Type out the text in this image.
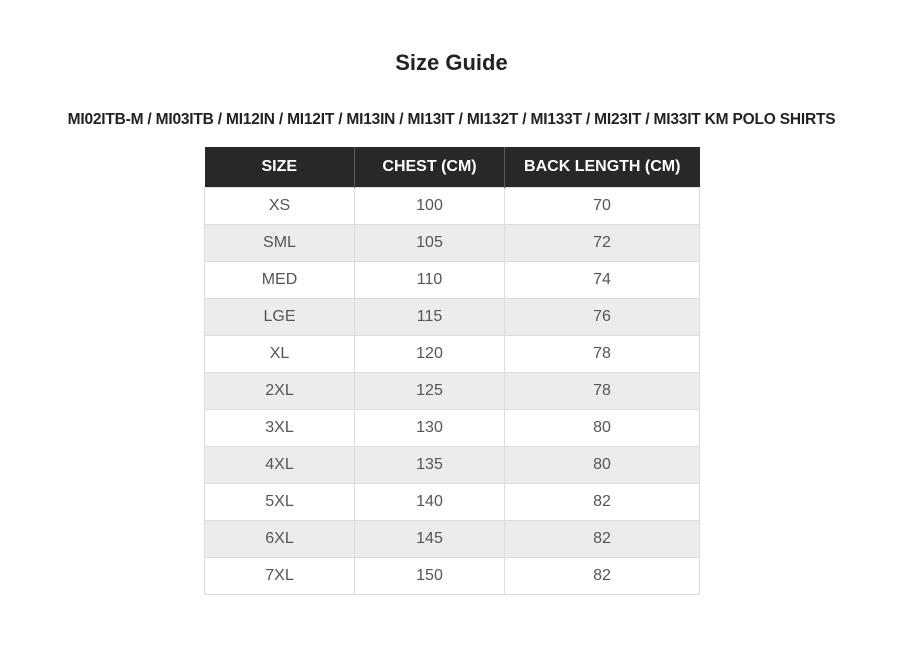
Size Guide
MI02ITB-M / MI03ITB / MI12IN / MI12IT / MI13IN / MI13IT / MI132T / MI133T / MI23IT / MI33IT KM POLO SHIRTS
SIZE	CHEST (CM)	BACK LENGTH (CM)
XS	100	70
SML	105	72
MED	110	74
LGE	115	76
XL	120	78
2XL	125	78
3XL	130	80
4XL	135	80
5XL	140	82
6XL	145	82
7XL	150	82
